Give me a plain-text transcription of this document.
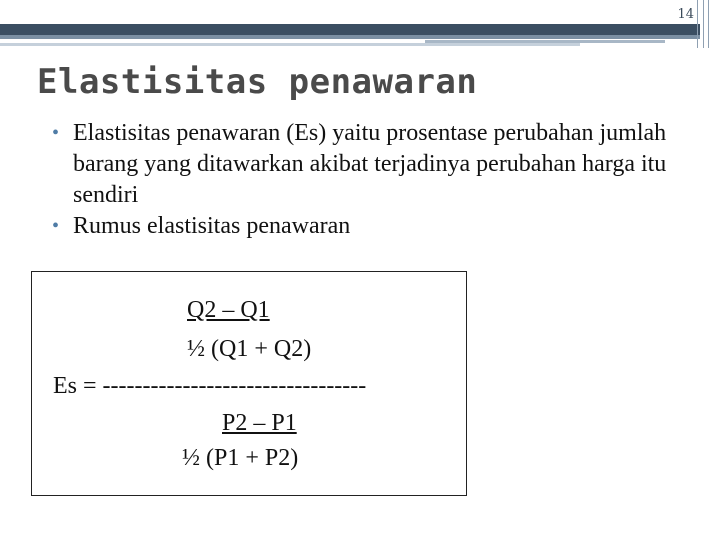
14
Elastisitas penawaran
• Elastisitas penawaran (Es) yaitu prosentase perubahan jumlah barang yang ditawarkan akibat terjadinya perubahan harga itu sendiri
• Rumus elastisitas penawaran
Q2 – Q1
½ (Q1 + Q2)
Es = ---------------------------------
P2 – P1
½ (P1 + P2)
